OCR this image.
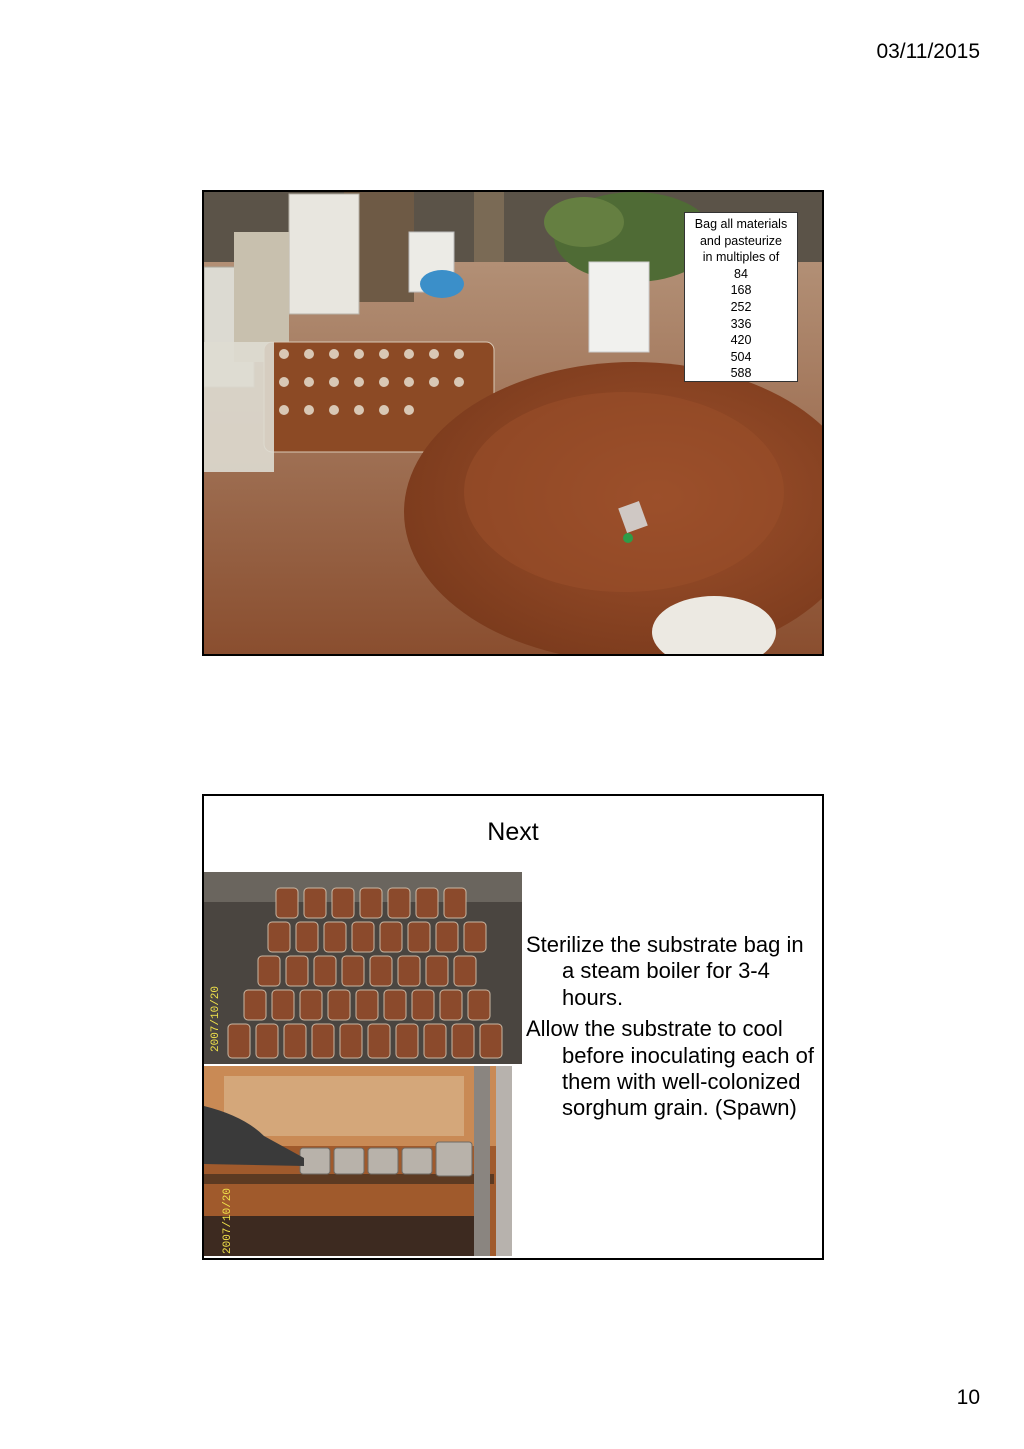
03/11/2015
Bag all materials
and pasteurize
in multiples of
84
168
252
336
420
504
588
Next
2007/10/20
2007/10/20
Sterilize the substrate bag in a steam boiler for 3-4 hours.
Allow the substrate to cool before inoculating each of them with well-colonized sorghum grain. (Spawn)
10
